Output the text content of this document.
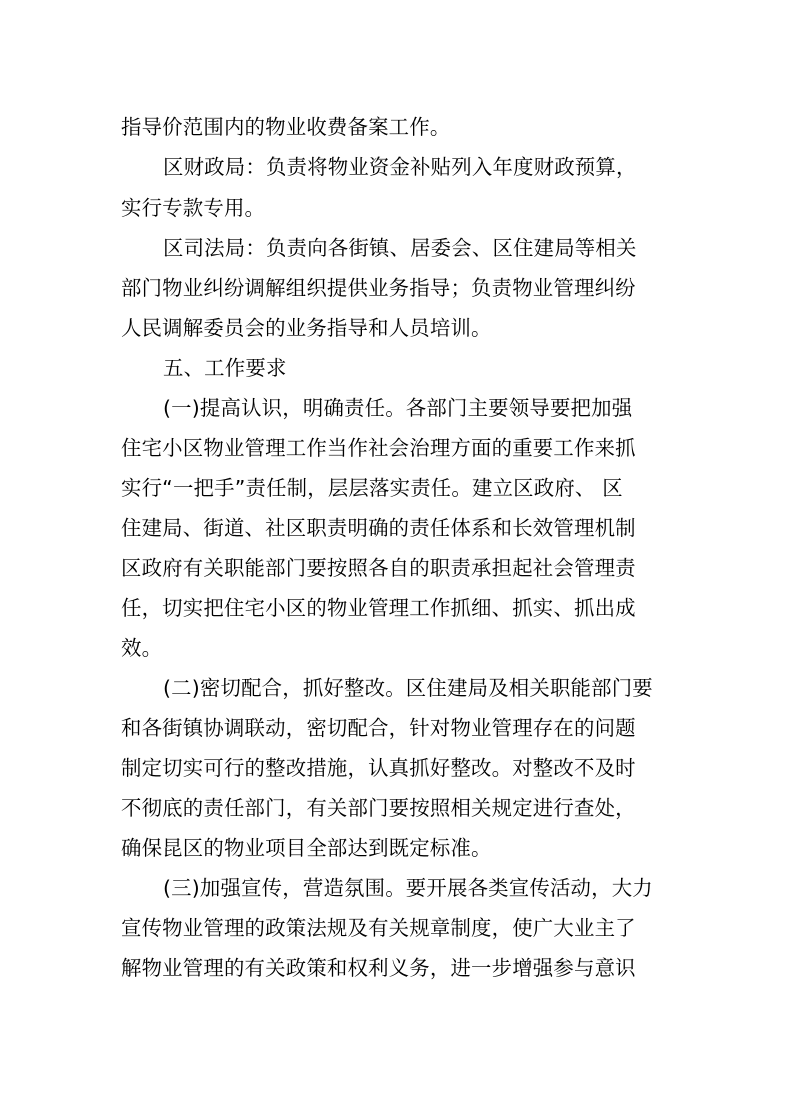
指导价范围内的物业收费备案工作。
区财政局：负责将物业资金补贴列入年度财政预算，
实行专款专用。
区司法局：负责向各街镇、居委会、区住建局等相关
部门物业纠纷调解组织提供业务指导；负责物业管理纠纷
人民调解委员会的业务指导和人员培训。
五、工作要求
(一)提高认识，明确责任。各部门主要领导要把加强
住宅小区物业管理工作当作社会治理方面的重要工作来抓
实行“一把手”责任制，层层落实责任。建立区政府、 区
住建局、街道、社区职责明确的责任体系和长效管理机制
区政府有关职能部门要按照各自的职责承担起社会管理责
任，切实把住宅小区的物业管理工作抓细、抓实、抓出成
效。
(二)密切配合，抓好整改。区住建局及相关职能部门要
和各街镇协调联动，密切配合，针对物业管理存在的问题
制定切实可行的整改措施，认真抓好整改。对整改不及时
不彻底的责任部门，有关部门要按照相关规定进行查处，
确保昆区的物业项目全部达到既定标准。
(三)加强宣传，营造氛围。要开展各类宣传活动，大力
宣传物业管理的政策法规及有关规章制度，使广大业主了
解物业管理的有关政策和权利义务，进一步增强参与意识
